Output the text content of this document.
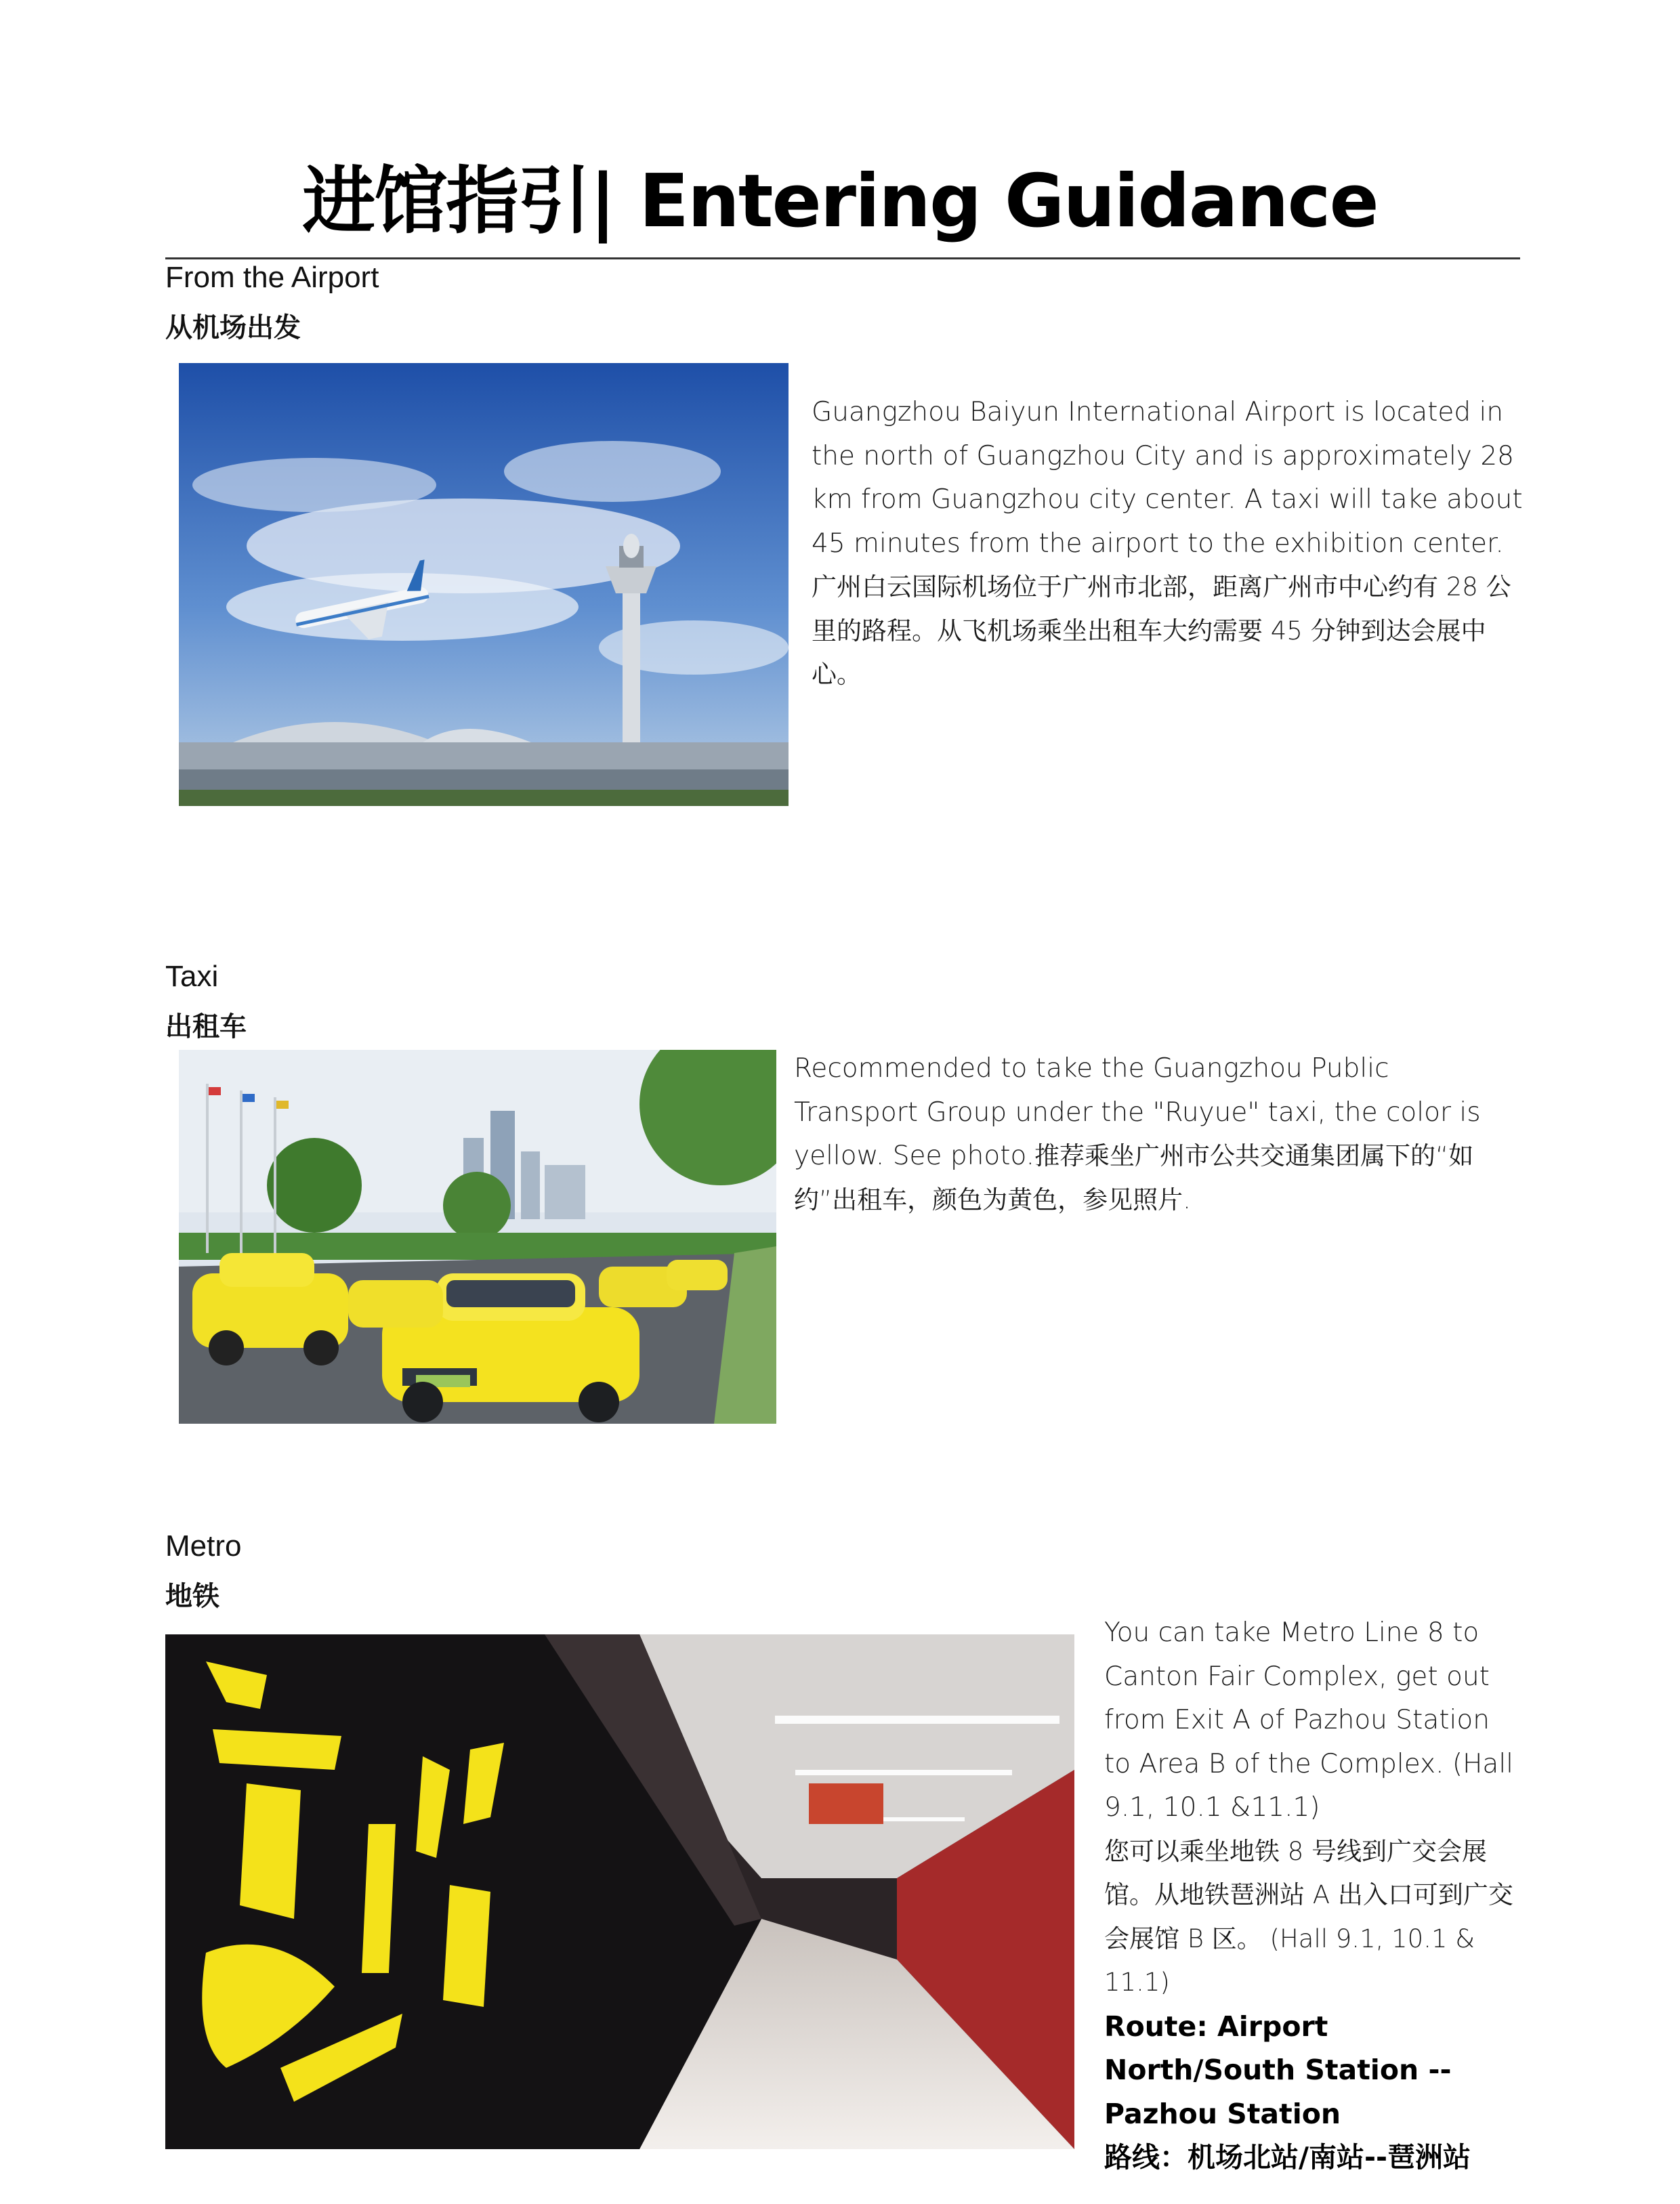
进馆指引| Entering Guidance
From the Airport
从机场出发

Guangzhou Baiyun International Airport is located in the north of Guangzhou City and is approximately 28 km from Guangzhou city center. A taxi will take about 45 minutes from the airport to the exhibition center.

广州白云国际机场位于广州市北部，距离广州市中心约有 28 公里的路程。从飞机场乘坐出租车大约需要 45 分钟到达会展中心。

Taxi
出租车

Recommended to take the Guangzhou Public Transport Group under the "Ruyue" taxi, the color is yellow. See photo.推荐乘坐广州市公共交通集团属下的“如约”出租车，颜色为黄色，参见照片.

Metro
地铁

You can take Metro Line 8 to Canton Fair Complex, get out from Exit A of Pazhou Station to Area B of the Complex. (Hall 9.1, 10.1 &11.1)

您可以乘坐地铁 8 号线到广交会展馆。从地铁琶洲站 A 出入口可到广交会展馆 B 区。 (Hall 9.1, 10.1 & 11.1)

Route: Airport North/South Station -- Pazhou Station

路线：机场北站/南站--琶洲站
